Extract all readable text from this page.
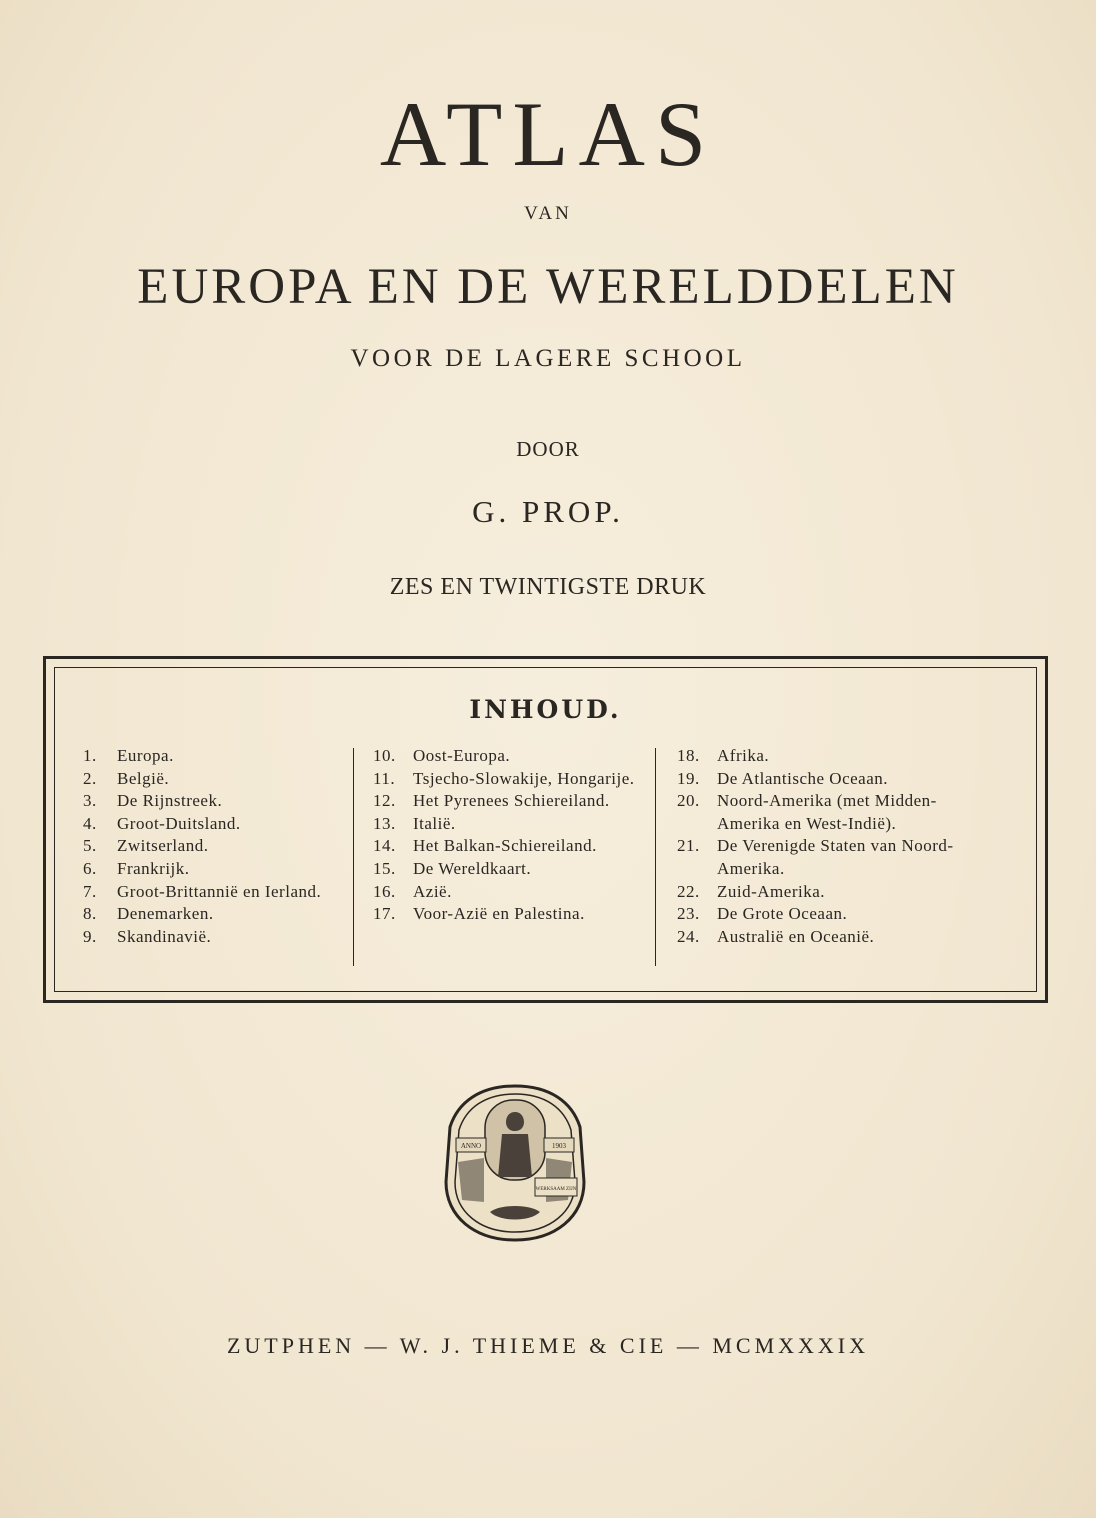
ATLAS
VAN
EUROPA EN DE WERELDDELEN
VOOR DE LAGERE SCHOOL
DOOR
G. PROP.
ZES EN TWINTIGSTE DRUK
INHOUD.
1.	Europa.
2.	België.
3.	De Rijnstreek.
4.	Groot-Duitsland.
5.	Zwitserland.
6.	Frankrijk.
7.	Groot-Brittannië en Ierland.
8.	Denemarken.
9.	Skandinavië.
10.	Oost-Europa.
11.	Tsjecho-Slowakije, Hongarije.
12.	Het Pyrenees Schiereiland.
13.	Italië.
14.	Het Balkan-Schiereiland.
15.	De Wereldkaart.
16.	Azië.
17.	Voor-Azië en Palestina.
18.	Afrika.
19.	De Atlantische Oceaan.
20.	Noord-Amerika (met Midden-Amerika en West-Indië).
21.	De Verenigde Staten van Noord-Amerika.
22.	Zuid-Amerika.
23.	De Grote Oceaan.
24.	Australië en Oceanië.
ANNO	1903
WERKSAAM ZIJN
ZUTPHEN — W. J. THIEME & CIE — MCMXXXIX
